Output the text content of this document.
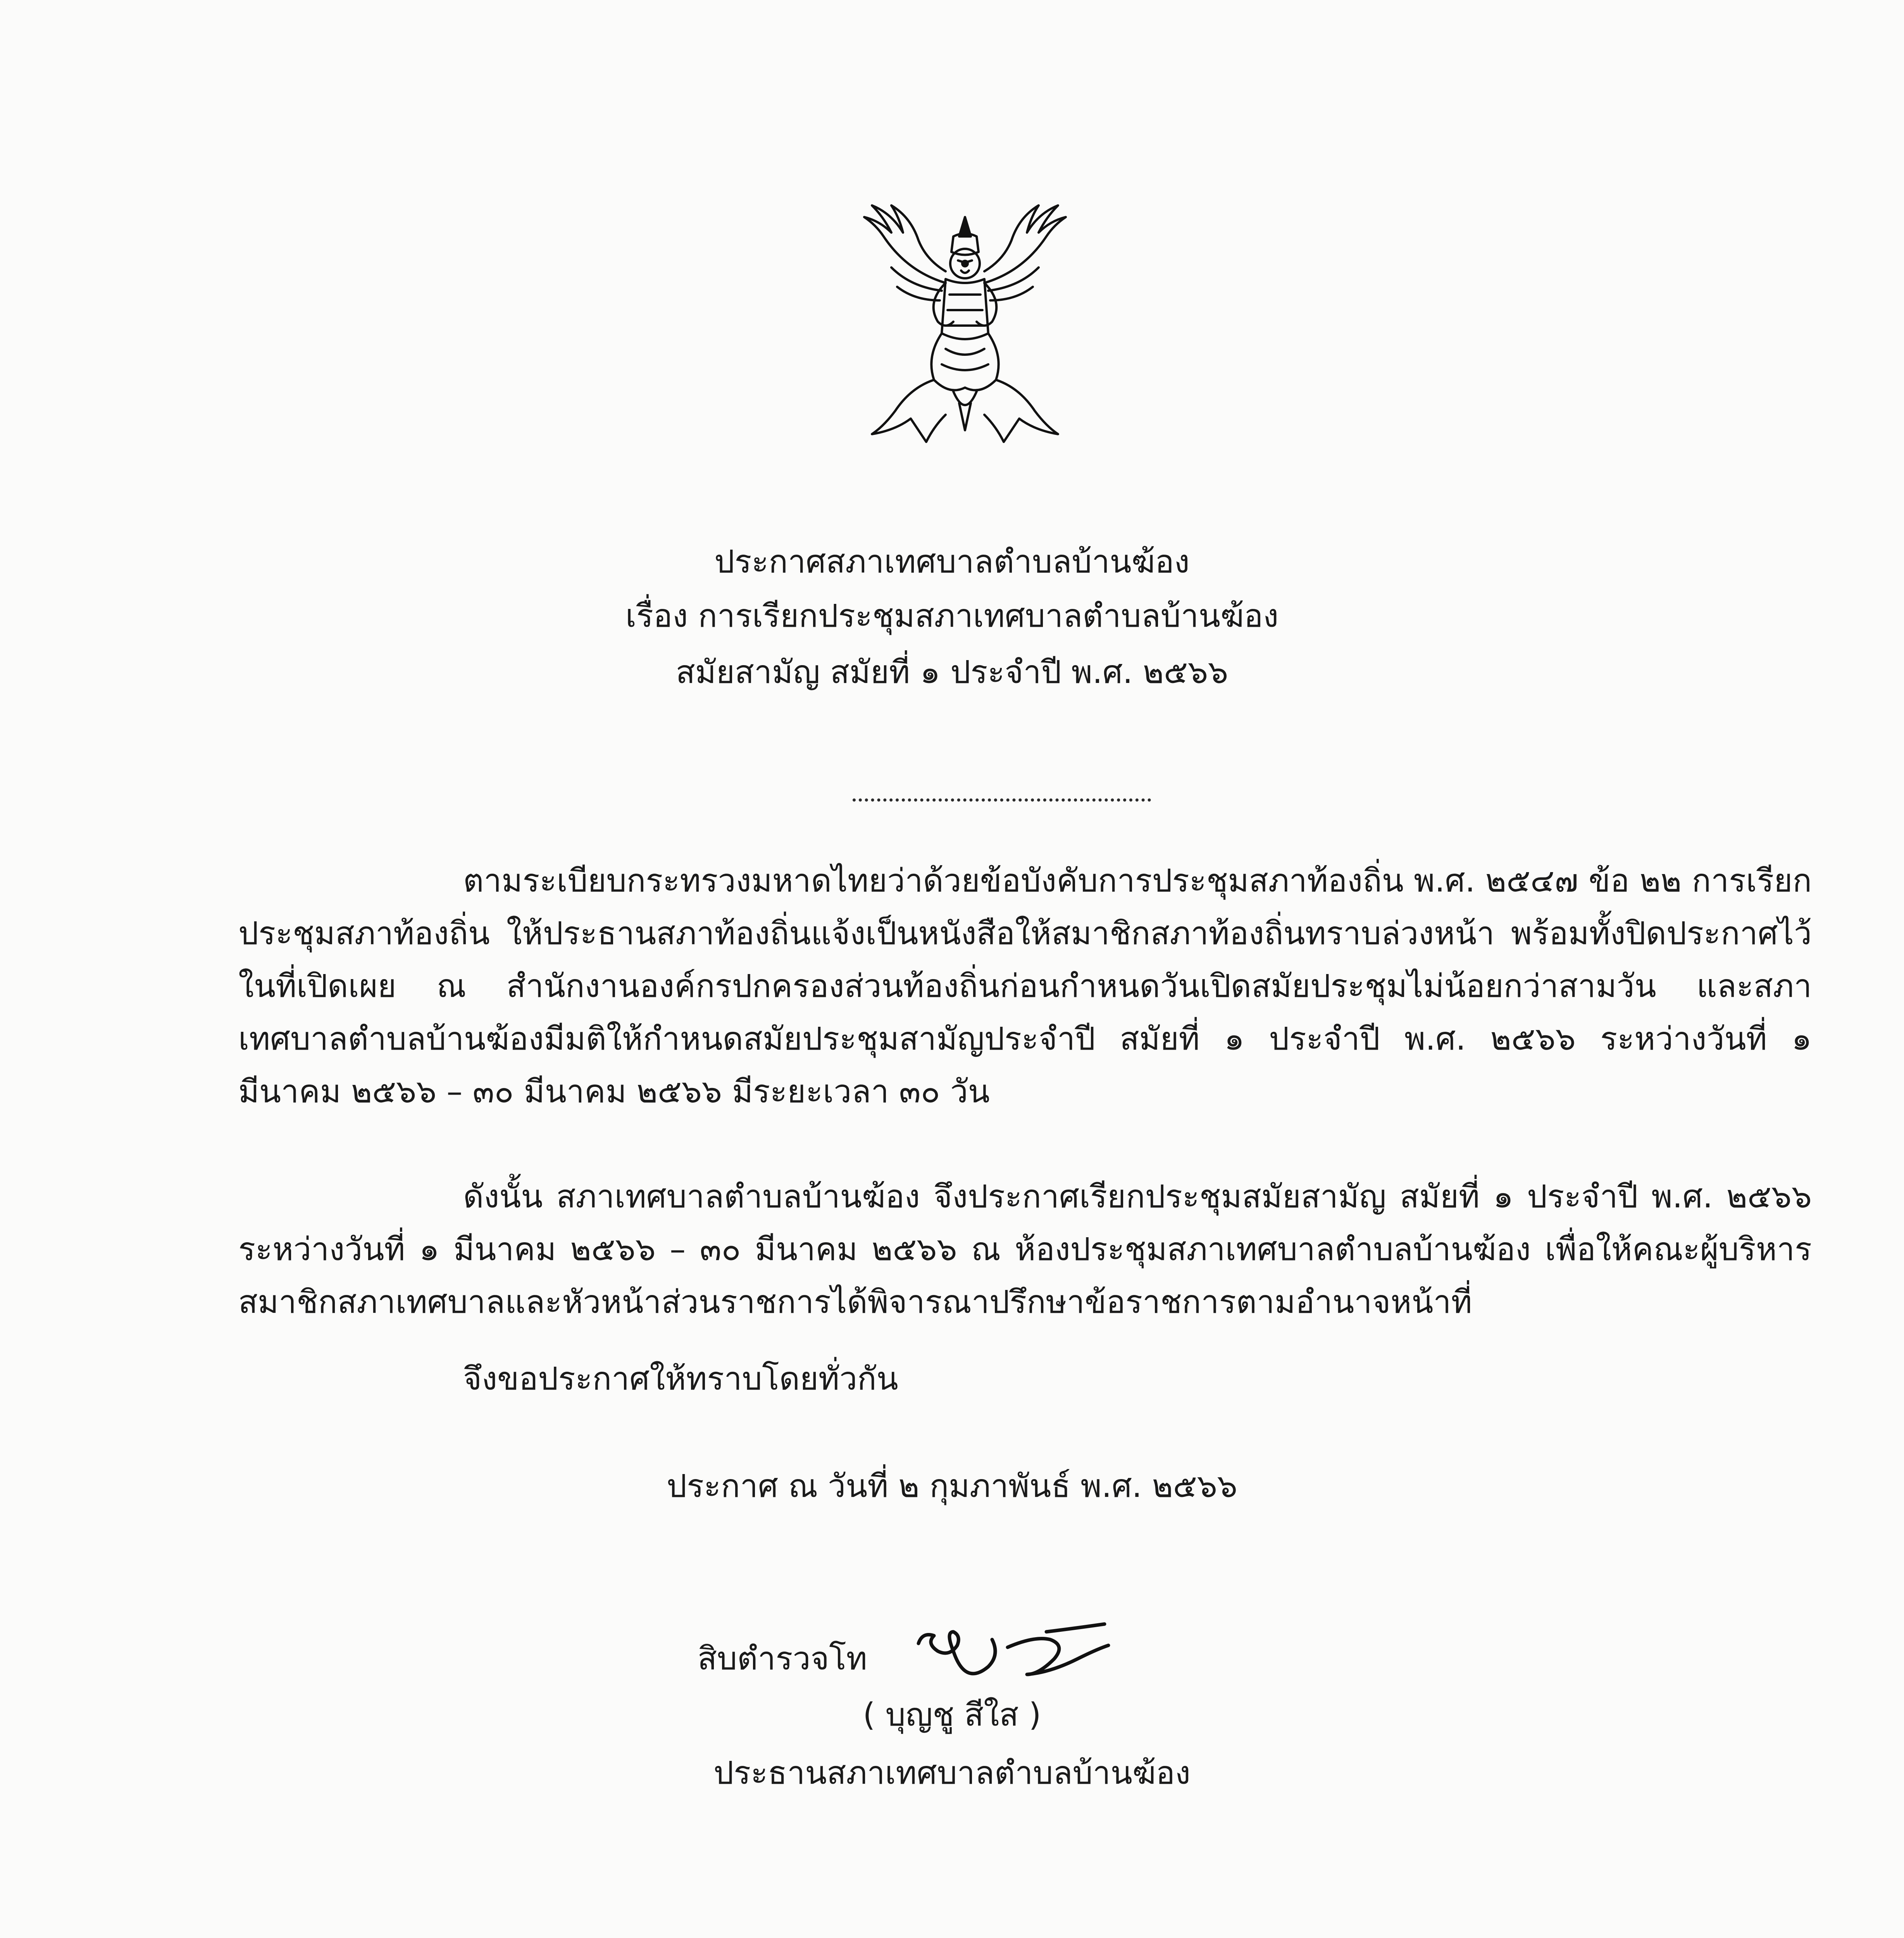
ประกาศสภาเทศบาลตำบลบ้านฆ้อง
เรื่อง การเรียกประชุมสภาเทศบาลตำบลบ้านฆ้อง
สมัยสามัญ สมัยที่ ๑ ประจำปี พ.ศ. ๒๕๖๖
ตามระเบียบกระทรวงมหาดไทยว่าด้วยข้อบังคับการประชุมสภาท้องถิ่น พ.ศ. ๒๕๔๗ ข้อ ๒๒ การเรียกประชุมสภาท้องถิ่น ให้ประธานสภาท้องถิ่นแจ้งเป็นหนังสือให้สมาชิกสภาท้องถิ่นทราบล่วงหน้า พร้อมทั้งปิดประกาศไว้ในที่เปิดเผย ณ สำนักงานองค์กรปกครองส่วนท้องถิ่นก่อนกำหนดวันเปิดสมัยประชุมไม่น้อยกว่าสามวัน และสภาเทศบาลตำบลบ้านฆ้องมีมติให้กำหนดสมัยประชุมสามัญประจำปี สมัยที่ ๑ ประจำปี พ.ศ. ๒๕๖๖ ระหว่างวันที่ ๑ มีนาคม ๒๕๖๖ – ๓๐ มีนาคม ๒๕๖๖ มีระยะเวลา ๓๐ วัน
ดังนั้น สภาเทศบาลตำบลบ้านฆ้อง จึงประกาศเรียกประชุมสมัยสามัญ สมัยที่ ๑ ประจำปี พ.ศ. ๒๕๖๖ ระหว่างวันที่ ๑ มีนาคม ๒๕๖๖ – ๓๐ มีนาคม ๒๕๖๖ ณ ห้องประชุมสภาเทศบาลตำบลบ้านฆ้อง เพื่อให้คณะผู้บริหาร สมาชิกสภาเทศบาลและหัวหน้าส่วนราชการได้พิจารณาปรึกษาข้อราชการตามอำนาจหน้าที่
จึงขอประกาศให้ทราบโดยทั่วกัน
ประกาศ ณ วันที่ ๒ กุมภาพันธ์ พ.ศ. ๒๕๖๖
สิบตำรวจโท
( บุญชู สีใส )
ประธานสภาเทศบาลตำบลบ้านฆ้อง
